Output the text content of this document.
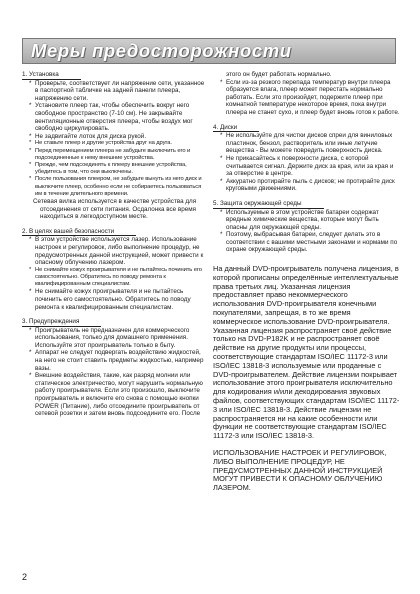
Меры предосторожности
1. Установка
* Проверьте, соответствует ли напряжение сети, указанное в паспортной табличке на задней панели плеера, напряжению сети.
* Установите плеер так, чтобы обеспечить вокруг него свободное пространство (7-10 см). Не закрывайте вентиляционные отверстия плеера, чтобы воздух мог свободно циркулировать.
* Не задвигайте лоток для диска рукой.
* Не ставьте плеер и другие устройства друг на друга.
* Перед перемещением плеера не забудьте выключить его и подсоединенные к нему внешние устройства.
* Прежде, чем подсоединять к плееру внешние устройства, убедитесь в том, что они выключены.
* После пользования плеером, не забудьте вынуть из него диск и выключите плеер, особенно если не собираетесь пользоваться им в течение длительного времени.

Сетевая вилка используется в качестве устройства для отсоединения от сети питания. Оcдaлoнкa все время находиться в легкодоступном месте.

2. В целях вашей безопасности
* В этом устройстве используется лазер. Использование настроек и регулировок, либо выполнение процедур, не предусмотренных данной инструкцией, может привести к опасному облучению лазером.
* Не снимайте кожух проигрывателя и не пытайтесь починить его самостоятельно. Обратитесь по поводу ремонта к квалифицированным специалистам.
* Не снимайте кожух проигрывателя и не пытайтесь починить его самостоятельно. Обратитесь по поводу ремонта к квалифицированным специалистам.
3. Предупреждения
* Проигрыватель не предназначен для коммерческого использования, только для домашнего применения. Используйте этот проигрыватель только в быту.
* Аппарат не следует подвергать воздействию жидкостей, на него не стоит ставить предметы жидкостью, например вазы.
* Внешние воздействия, такие, как разряд молнии или статическое электричество, могут нарушить нормальную работу проигрывателя. Если это произошло, выключите проигрыватель и включите его снова с помощью кнопки POWER (Питание), либо отсоедините проигрыватель от сетевой розетки и затем вновь подсоедините его. После
этого он будет работать нормально.
* Если из-за резкого перепада температур внутри плеера образуется влага, плеер может перестать нормально работать. Если это произойдет, подержите плеер при комнатной температуре некоторое время, пока внутри плеера не станет сухо, и плеер будет вновь готов к работе.
4. Диски
* Не используйте для чистки дисков спреи для виниловых пластинок, бензол, растворитель или иные летучие вещества - Вы можете повредить поверхность диска.
* Не прикасайтесь к поверхности диска, с которой считывается сигнал. Держите диск за края, или за края и за отверстие в центре.
* Аккуратно протирайте пыль с дисков; не протирайте диск круговыми движениями.
5. Защита окружающей среды
* Используемые в этом устройстве батареи содержат вредные химические вещества, которые могут быть опасны для окружающей среды.
* Поэтому, выбрасывая батареи, следует делать это в соответствии с вашими местными законами и нормами по охране окружающей среды.

На данный DVD-проигрыватель получена лицензия, в которой прописаны определённые интеллектуальные права третьих лиц. Указанная лицензия предоставляет право некоммерческого использования DVD-проигрывателя конечными покупателями, запрещая, в то же время коммерческое использование DVD-проигрывателя. Указанная лицензия распространяет своё действие только на DVD-P182K и не распространяет своё действие на другие продукты или процессы, соответствующие стандартам ISO/IEC 11172-3 или ISO/IEC 13818-3 используемые или проданные с DVD-проигрывателем. Действие лицензии покрывает использование этого проигрывателя исключительно для кодирования и/или декодирования звуковых файлов, соответствующих стандартам ISO/IEC 11172-3 или ISO/IEC 13818-3. Действие лицензии не распространяется ни на какие особенности или функции не соответствующие стандартам ISO/IEC 11172-3 или ISO/IEC 13818-3.

ИСПОЛЬЗОВАНИЕ НАСТРОЕК И РЕГУЛИРОВОК, ЛИБО ВЫПОЛНЕНИЕ ПРОЦЕДУР, НЕ ПРЕДУСМОТРЕННЫХ ДАННОЙ ИНСТРУКЦИЕЙ МОГУТ ПРИВЕСТИ К ОПАСНОМУ ОБЛУЧЕНИЮ ЛАЗЕРОМ.

2
